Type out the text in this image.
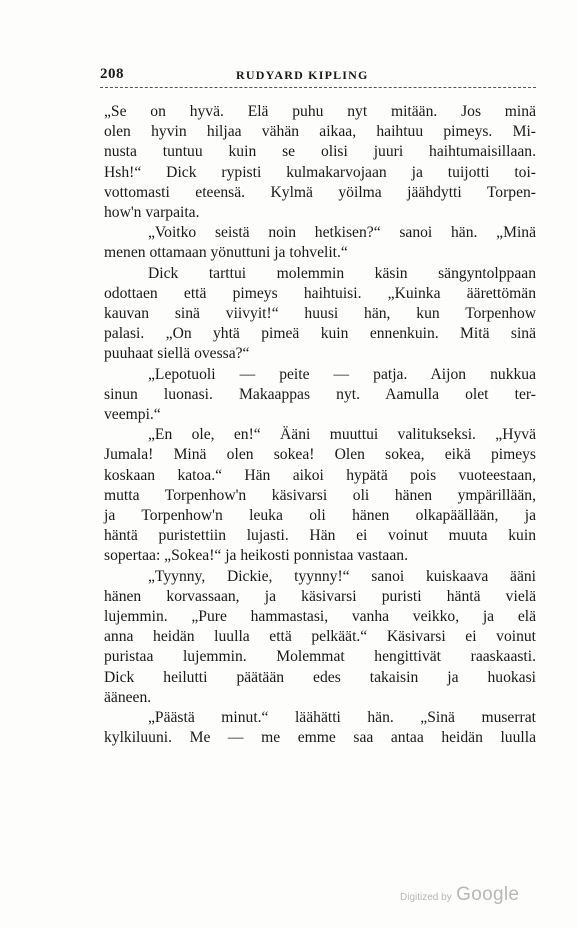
208	RUDYARD KIPLING
„Se on hyvä. Elä puhu nyt mitään. Jos minä
olen hyvin hiljaa vähän aikaa, haihtuu pimeys. Mi-
nusta tuntuu kuin se olisi juuri haihtumaisillaan.
Hsh!“ Dick rypisti kulmakarvojaan ja tuijotti toi-
vottomasti eteensä. Kylmä yöilma jäähdytti Torpen-
how'n varpaita.
„Voitko seistä noin hetkisen?“ sanoi hän. „Minä
menen ottamaan yönuttuni ja tohvelit.“
Dick tarttui molemmin käsin sängyntolppaan
odottaen että pimeys haihtuisi. „Kuinka äärettömän
kauvan sinä viivyit!“ huusi hän, kun Torpenhow
palasi. „On yhtä pimeä kuin ennenkuin. Mitä sinä
puuhaat siellä ovessa?“
„Lepotuoli — peite — patja. Aijon nukkua
sinun luonasi. Makaappas nyt. Aamulla olet ter-
veempi.“
„En ole, en!“ Ääni muuttui valitukseksi. „Hyvä
Jumala! Minä olen sokea! Olen sokea, eikä pimeys
koskaan katoa.“ Hän aikoi hypätä pois vuoteestaan,
mutta Torpenhow'n käsivarsi oli hänen ympärillään,
ja Torpenhow'n leuka oli hänen olkapäällään, ja
häntä puristettiin lujasti. Hän ei voinut muuta kuin
sopertaa: „Sokea!“ ja heikosti ponnistaa vastaan.
„Tyynny, Dickie, tyynny!“ sanoi kuiskaava ääni
hänen korvassaan, ja käsivarsi puristi häntä vielä
lujemmin. „Pure hammastasi, vanha veikko, ja elä
anna heidän luulla että pelkäät.“ Käsivarsi ei voinut
puristaa lujemmin. Molemmat hengittivät raaskaasti.
Dick heilutti päätään edes takaisin ja huokasi
ääneen.
„Päästä minut.“ läähätti hän. „Sinä muserrat
kylkiluuni. Me — me emme saa antaa heidän luulla
Digitized by Google
